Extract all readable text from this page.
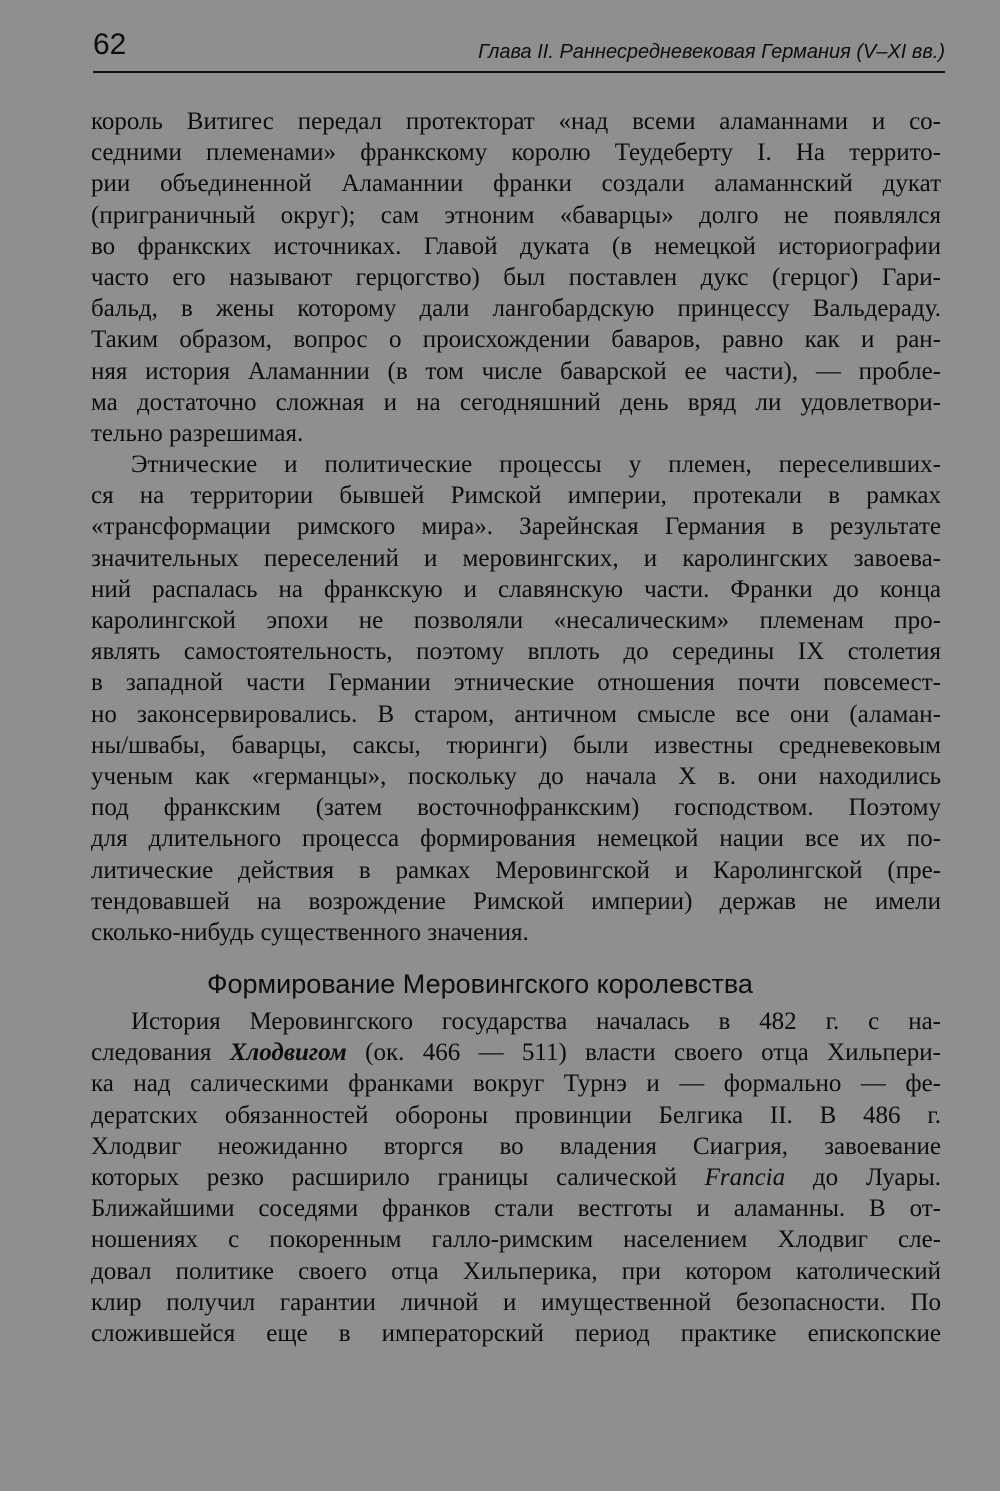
62	Глава II. Раннесредневековая Германия (V–XI вв.)
король Витигес передал протекторат «над всеми аламаннами и со-
седними племенами» франкскому королю Теудеберту I. На террито-
рии объединенной Аламаннии франки создали аламаннский дукат
(приграничный округ); сам этноним «баварцы» долго не появлялся
во франкских источниках. Главой дуката (в немецкой историографии
часто его называют герцогство) был поставлен дукс (герцог) Гари-
бальд, в жены которому дали лангобардскую принцессу Вальдераду.
Таким образом, вопрос о происхождении баваров, равно как и ран-
няя история Аламаннии (в том числе баварской ее части), — пробле-
ма достаточно сложная и на сегодняшний день вряд ли удовлетвори-
тельно разрешимая.
Этнические и политические процессы у племен, переселивших-
ся на территории бывшей Римской империи, протекали в рамках
«трансформации римского мира». Зарейнская Германия в результате
значительных переселений и меровингских, и каролингских завоева-
ний распалась на франкскую и славянскую части. Франки до конца
каролингской эпохи не позволяли «несалическим» племенам про-
являть самостоятельность, поэтому вплоть до середины IX столетия
в западной части Германии этнические отношения почти повсемест-
но законсервировались. В старом, античном смысле все они (аламан-
ны/швабы, баварцы, саксы, тюринги) были известны средневековым
ученым как «германцы», поскольку до начала X в. они находились
под франкским (затем восточнофранкским) господством. Поэтому
для длительного процесса формирования немецкой нации все их по-
литические действия в рамках Меровингской и Каролингской (пре-
тендовавшей на возрождение Римской империи) держав не имели
сколько-нибудь существенного значения.
Формирование Меровингского королевства
История Меровингского государства началась в 482 г. с на-
следования Хлодвигом (ок. 466 — 511) власти своего отца Хильпери-
ка над салическими франками вокруг Турнэ и — формально — фе-
дератских обязанностей обороны провинции Белгика II. В 486 г.
Хлодвиг неожиданно вторгся во владения Сиагрия, завоевание
которых резко расширило границы салической Francia до Луары.
Ближайшими соседями франков стали вестготы и аламанны. В от-
ношениях с покоренным галло-римским населением Хлодвиг сле-
довал политике своего отца Хильперика, при котором католический
клир получил гарантии личной и имущественной безопасности. По
сложившейся еще в императорский период практике епископские
